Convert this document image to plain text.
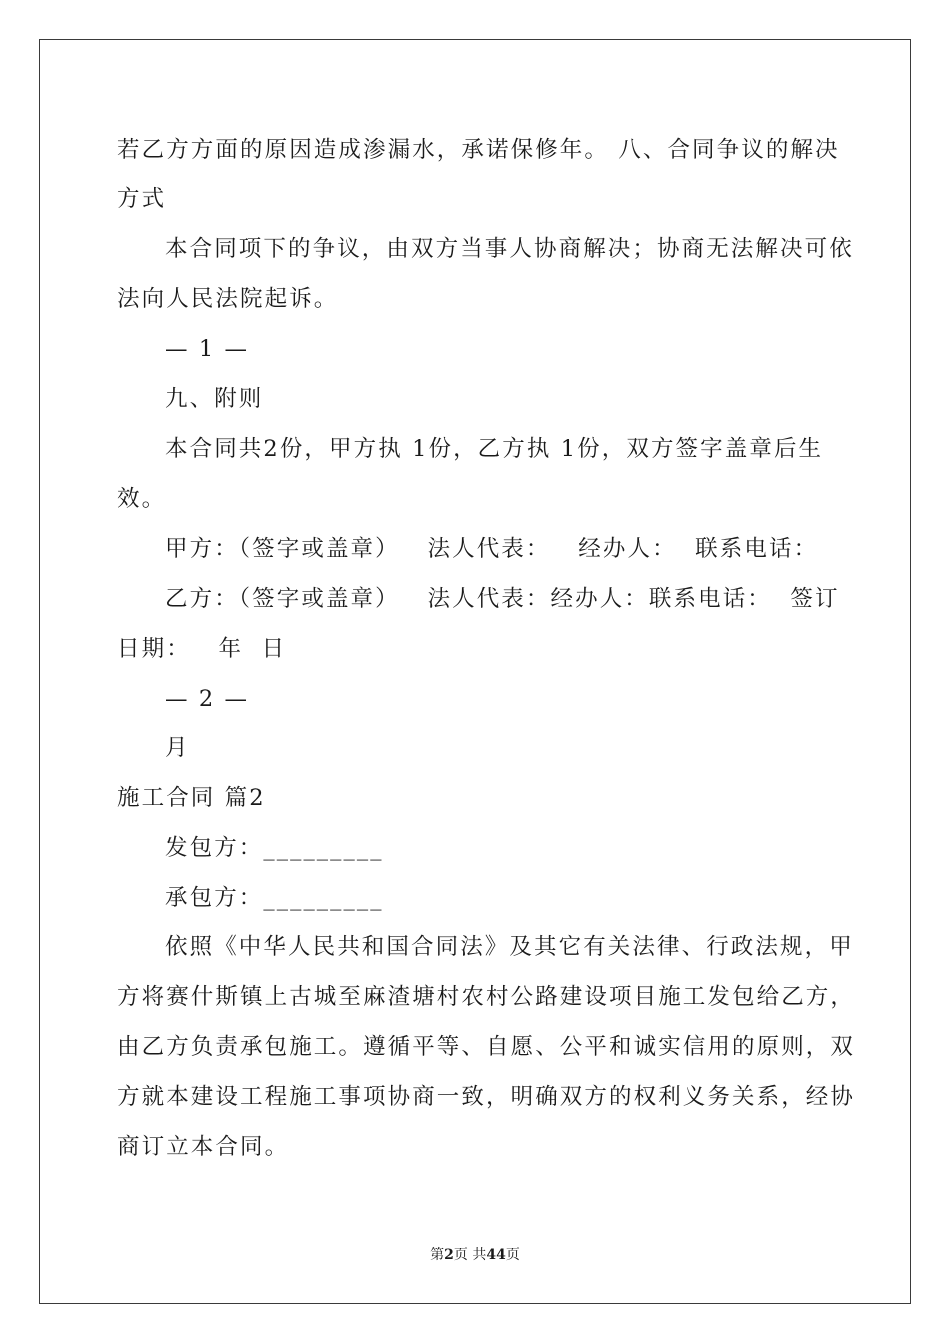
若乙方方面的原因造成渗漏水，承诺保修年。 八、合同争议的解决
方式
本合同项下的争议，由双方当事人协商解决；协商无法解决可依
法向人民法院起诉。
— 1 —
九、附则
本合同共2份，甲方执 1份，乙方执 1份，双方签字盖章后生
效。
甲方：（签字或盖章）   法人代表：   经办人：  联系电话：
乙方：（签字或盖章）   法人代表：经办人：联系电话：  签订
日期：   年  日
— 2 —
月
施工合同 篇2
发包方：_________
承包方：_________
依照《中华人民共和国合同法》及其它有关法律、行政法规，甲
方将赛什斯镇上古城至麻渣塘村农村公路建设项目施工发包给乙方，
由乙方负责承包施工。遵循平等、自愿、公平和诚实信用的原则，双
方就本建设工程施工事项协商一致，明确双方的权利义务关系，经协
商订立本合同。
第2页 共44页
